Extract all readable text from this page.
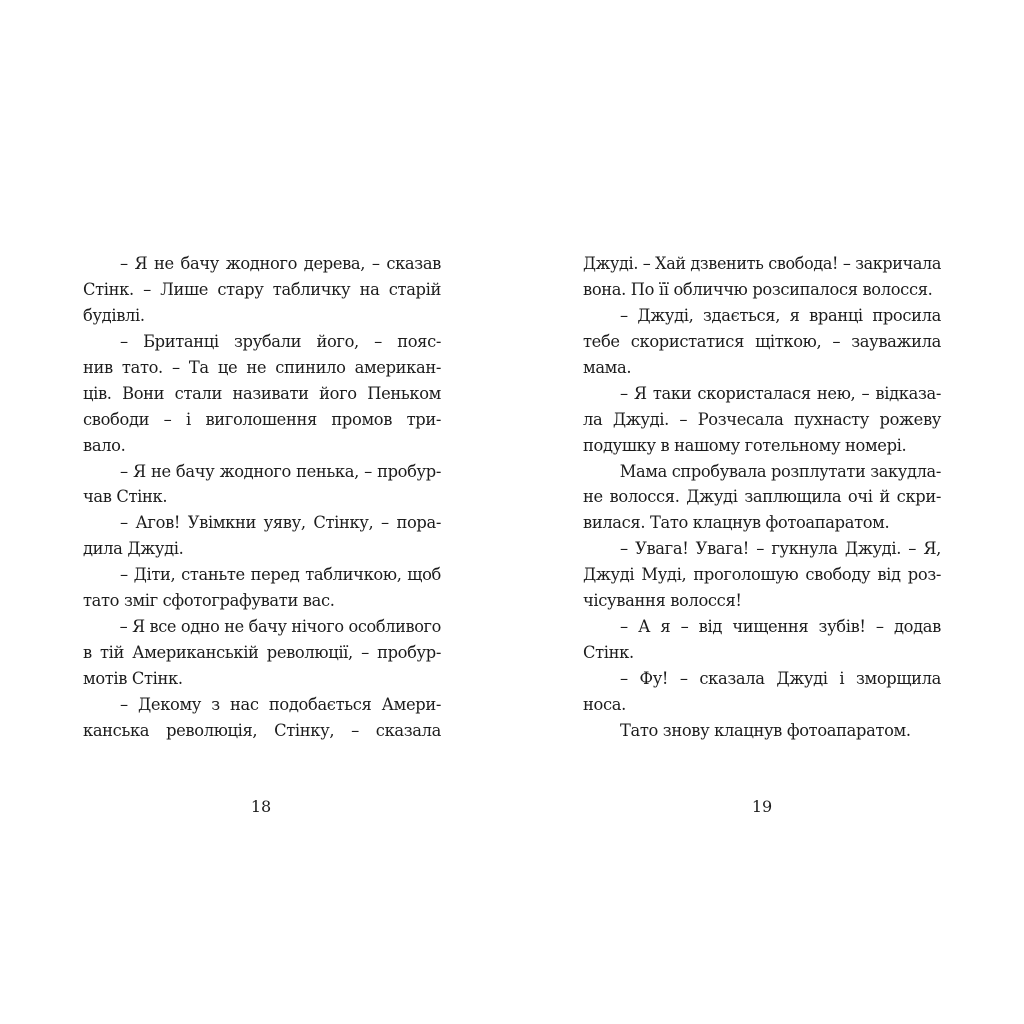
– Я не бачу жодного дерева, – сказав
Стінк. – Лише стару табличку на старій
будівлі.
– Британці зрубали його, – пояс-
нив тато. – Та це не спинило американ-
ців. Вони стали називати його Пеньком
свободи – і виголошення промов три-
вало.
– Я не бачу жодного пенька, – пробур-
чав Стінк.
– Агов! Увімкни уяву, Стінку, – пора-
дила Джуді.
– Діти, станьте перед табличкою, щоб
тато зміг сфотографувати вас.
– Я все одно не бачу нічого особливого
в тій Американській революції, – пробур-
мотів Стінк.
– Декому з нас подобається Амери-
канська революція, Стінку, – сказала
18
Джуді. – Хай дзвенить свобода! – закричала
вона. По її обличчю розсипалося волосся.
– Джуді, здається, я вранці просила
тебе скористатися щіткою, – зауважила
мама.
– Я таки скористалася нею, – відказа-
ла Джуді. – Розчесала пухнасту рожеву
подушку в нашому готельному номері.
Мама спробувала розплутати закудла-
не волосся. Джуді заплющила очі й скри-
вилася. Тато клацнув фотоапаратом.
– Увага! Увага! – гукнула Джуді. – Я,
Джуді Муді, проголошую свободу від роз-
чісування волосся!
– А я – від чищення зубів! – додав
Стінк.
– Фу! – сказала Джуді і зморщила
носа.
Тато знову клацнув фотоапаратом.
19
